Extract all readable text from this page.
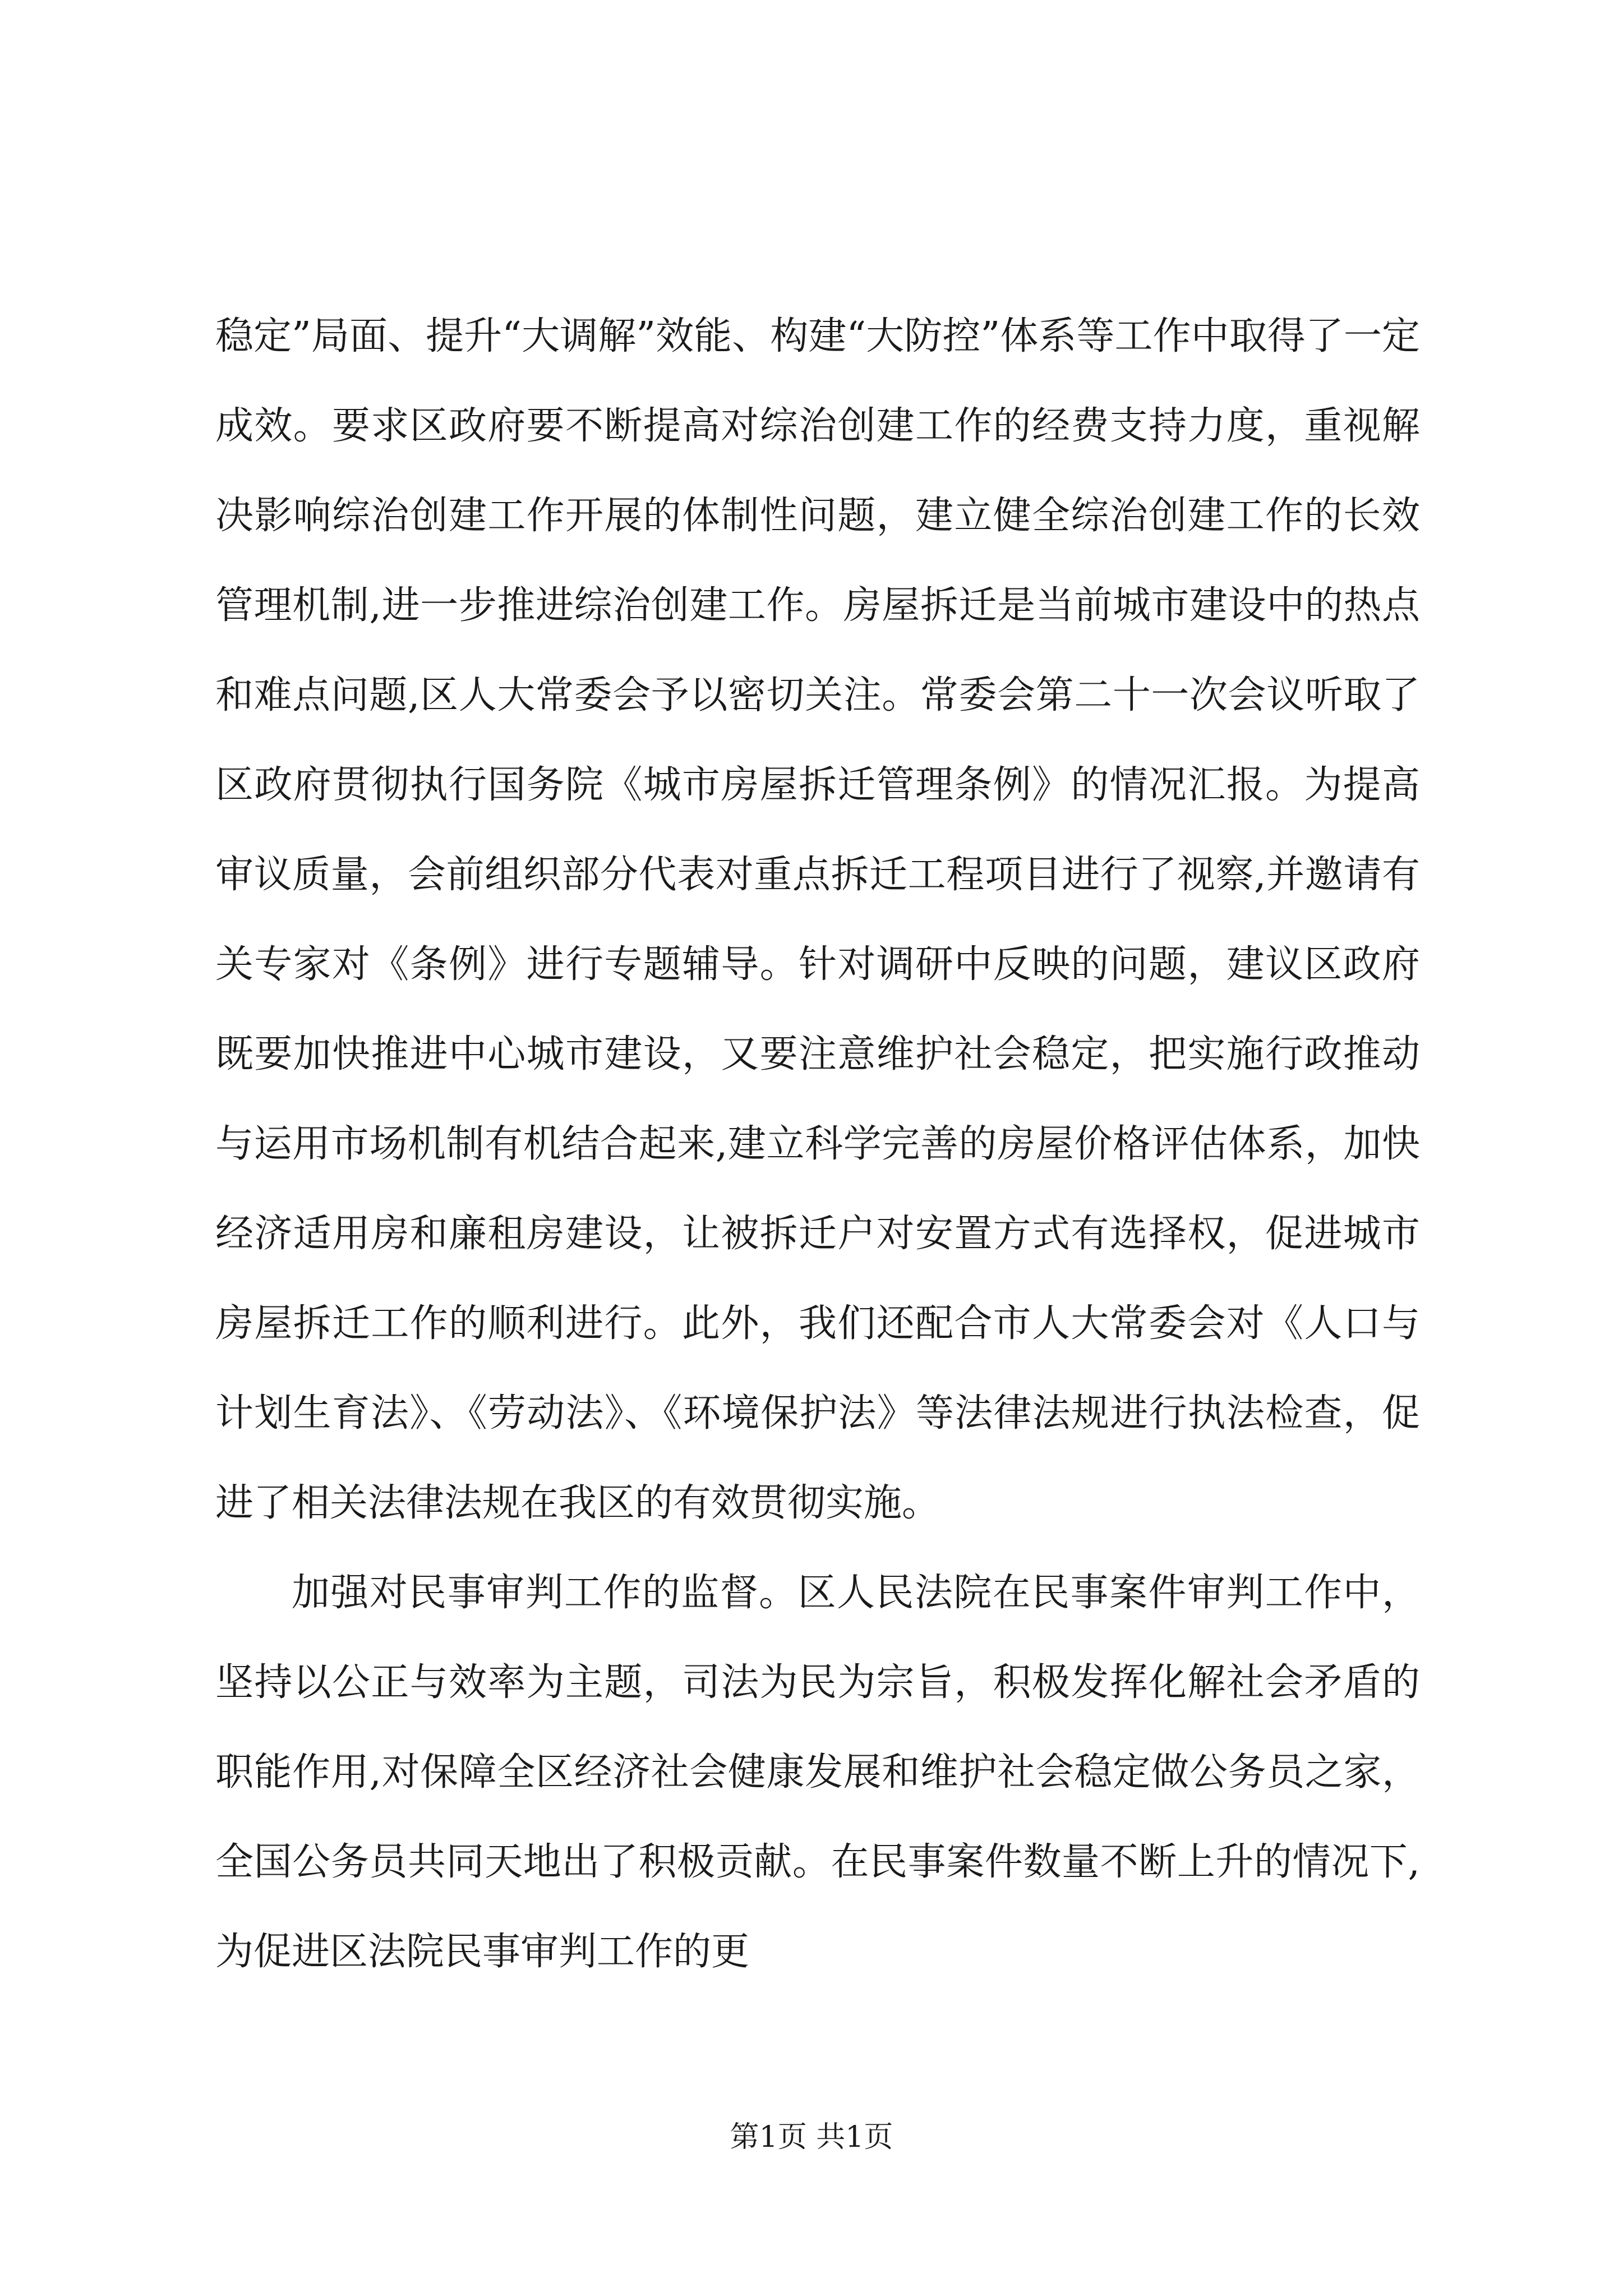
稳定”局面、提升“大调解”效能、构建“大防控”体系等工作中取得了一定成效。要求区政府要不断提高对综治创建工作的经费支持力度，重视解决影响综治创建工作开展的体制性问题，建立健全综治创建工作的长效管理机制,进一步推进综治创建工作。房屋拆迁是当前城市建设中的热点和难点问题,区人大常委会予以密切关注。常委会第二十一次会议听取了区政府贯彻执行国务院《城市房屋拆迁管理条例》的情况汇报。为提高审议质量，会前组织部分代表对重点拆迁工程项目进行了视察,并邀请有关专家对《条例》进行专题辅导。针对调研中反映的问题，建议区政府既要加快推进中心城市建设，又要注意维护社会稳定，把实施行政推动与运用市场机制有机结合起来,建立科学完善的房屋价格评估体系，加快经济适用房和廉租房建设，让被拆迁户对安置方式有选择权，促进城市房屋拆迁工作的顺利进行。此外，我们还配合市人大常委会对《人口与计划生育法》、《劳动法》、《环境保护法》等法律法规进行执法检查，促进了相关法律法规在我区的有效贯彻实施。

加强对民事审判工作的监督。区人民法院在民事案件审判工作中，坚持以公正与效率为主题，司法为民为宗旨，积极发挥化解社会矛盾的职能作用,对保障全区经济社会健康发展和维护社会稳定做公务员之家，全国公务员共同天地出了积极贡献。在民事案件数量不断上升的情况下,为促进区法院民事审判工作的更

第1页 共1页
